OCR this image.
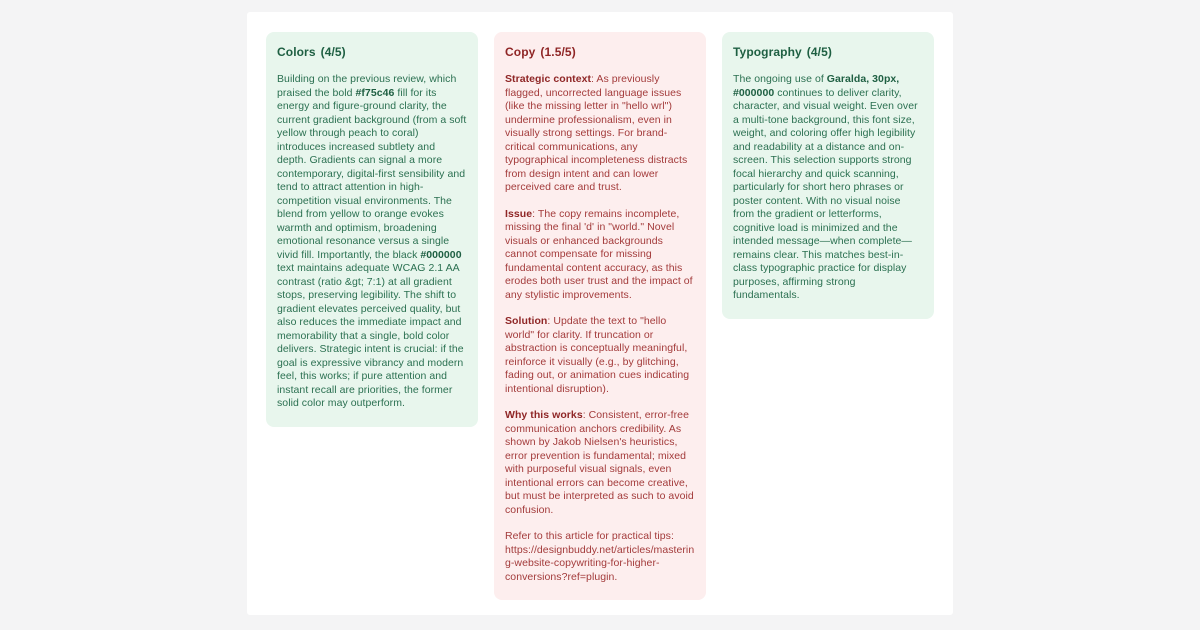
Colors (4/5)

Building on the previous review, which praised the bold #f75c46 fill for its energy and figure-ground clarity, the current gradient background (from a soft yellow through peach to coral) introduces increased subtlety and depth. Gradients can signal a more contemporary, digital-first sensibility and tend to attract attention in high-competition visual environments. The blend from yellow to orange evokes warmth and optimism, broadening emotional resonance versus a single vivid fill. Importantly, the black #000000 text maintains adequate WCAG 2.1 AA contrast (ratio &gt; 7:1) at all gradient stops, preserving legibility. The shift to gradient elevates perceived quality, but also reduces the immediate impact and memorability that a single, bold color delivers. Strategic intent is crucial: if the goal is expressive vibrancy and modern feel, this works; if pure attention and instant recall are priorities, the former solid color may outperform.

Copy (1.5/5)

Strategic context: As previously flagged, uncorrected language issues (like the missing letter in "hello wrl") undermine professionalism, even in visually strong settings. For brand-critical communications, any typographical incompleteness distracts from design intent and can lower perceived care and trust.

Issue: The copy remains incomplete, missing the final 'd' in "world." Novel visuals or enhanced backgrounds cannot compensate for missing fundamental content accuracy, as this erodes both user trust and the impact of any stylistic improvements.

Solution: Update the text to "hello world" for clarity. If truncation or abstraction is conceptually meaningful, reinforce it visually (e.g., by glitching, fading out, or animation cues indicating intentional disruption).

Why this works: Consistent, error-free communication anchors credibility. As shown by Jakob Nielsen's heuristics, error prevention is fundamental; mixed with purposeful visual signals, even intentional errors can become creative, but must be interpreted as such to avoid confusion.

Refer to this article for practical tips: https://designbuddy.net/articles/mastering-website-copywriting-for-higher-conversions?ref=plugin.

Typography (4/5)

The ongoing use of Garalda, 30px, #000000 continues to deliver clarity, character, and visual weight. Even over a multi-tone background, this font size, weight, and coloring offer high legibility and readability at a distance and on-screen. This selection supports strong focal hierarchy and quick scanning, particularly for short hero phrases or poster content. With no visual noise from the gradient or letterforms, cognitive load is minimized and the intended message—when complete—remains clear. This matches best-in-class typographic practice for display purposes, affirming strong fundamentals.
